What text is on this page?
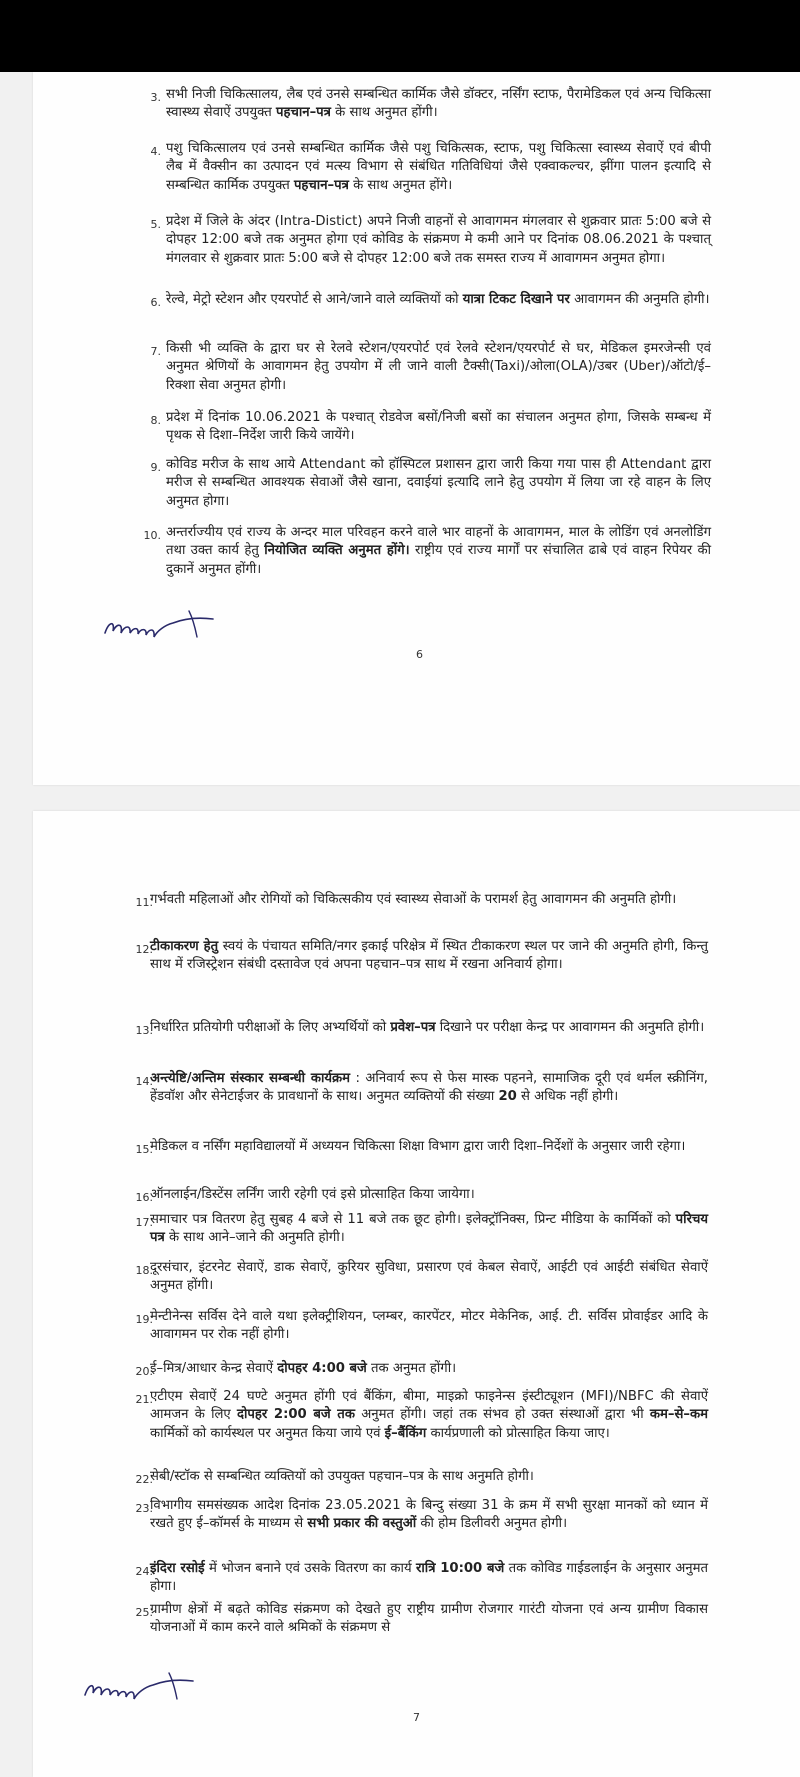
3. सभी निजी चिकित्सालय, लैब एवं उनसे सम्बन्धित कार्मिक जैसे डॉक्टर, नर्सिंग स्टाफ, पैरामेडिकल एवं अन्य चिकित्सा स्वास्थ्य सेवाऐं उपयुक्त पहचान–पत्र के साथ अनुमत होंगी।
4. पशु चिकित्सालय एवं उनसे सम्बन्धित कार्मिक जैसे पशु चिकित्सक, स्टाफ, पशु चिकित्सा स्वास्थ्य सेवाऐं एवं बीपी लैब में वैक्सीन का उत्पादन एवं मत्स्य विभाग से संबंधित गतिविधियां जैसे एक्वाकल्चर, झींगा पालन इत्यादि से सम्बन्धित कार्मिक उपयुक्त पहचान–पत्र के साथ अनुमत होंगे।
5. प्रदेश में जिले के अंदर (Intra-Distict) अपने निजी वाहनों से आवागमन मंगलवार से शुक्रवार प्रातः 5:00 बजे से दोपहर 12:00 बजे तक अनुमत होगा एवं कोविड के संक्रमण मे कमी आने पर दिनांक 08.06.2021 के पश्चात् मंगलवार से शुक्रवार प्रातः 5:00 बजे से दोपहर 12:00 बजे तक समस्त राज्य में आवागमन अनुमत होगा।
6. रेल्वे, मेट्रो स्टेशन और एयरपोर्ट से आने/जाने वाले व्यक्तियों को यात्रा टिकट दिखाने पर आवागमन की अनुमति होगी।
7. किसी भी व्यक्ति के द्वारा घर से रेलवे स्टेशन/एयरपोर्ट एवं रेलवे स्टेशन/एयरपोर्ट से घर, मेडिकल इमरजेन्सी एवं अनुमत श्रेणियों के आवागमन हेतु उपयोग में ली जाने वाली टैक्सी(Taxi)/ओला(OLA)/उबर (Uber)/ऑटो/ई–रिक्शा सेवा अनुमत होगी।
8. प्रदेश में दिनांक 10.06.2021 के पश्चात् रोडवेज बसों/निजी बसों का संचालन अनुमत होगा, जिसके सम्बन्ध में पृथक से दिशा–निर्देश जारी किये जायेंगे।
9. कोविड मरीज के साथ आये Attendant को हॉस्पिटल प्रशासन द्वारा जारी किया गया पास ही Attendant द्वारा मरीज से सम्बन्धित आवश्यक सेवाओं जैसे खाना, दवाईयां इत्यादि लाने हेतु उपयोग में लिया जा रहे वाहन के लिए अनुमत होगा।
10. अन्तर्राज्यीय एवं राज्य के अन्दर माल परिवहन करने वाले भार वाहनों के आवागमन, माल के लोडिंग एवं अनलोडिंग तथा उक्त कार्य हेतु नियोजित व्यक्ति अनुमत होंगे। राष्ट्रीय एवं राज्य मार्गों पर संचालित ढाबे एवं वाहन रिपेयर की दुकानें अनुमत होंगी।
6
11.
गर्भवती महिलाओं और रोगियों को चिकित्सकीय एवं स्वास्थ्य सेवाओं के परामर्श हेतु आवागमन की अनुमति होगी।
12.
टीकाकरण हेतु स्वयं के पंचायत समिति/नगर इकाई परिक्षेत्र में स्थित टीकाकरण स्थल पर जाने की अनुमति होगी, किन्तु साथ में रजिस्ट्रेशन संबंधी दस्तावेज एवं अपना पहचान–पत्र साथ में रखना अनिवार्य होगा।
13.
निर्धारित प्रतियोगी परीक्षाओं के लिए अभ्यर्थियों को प्रवेश–पत्र दिखाने पर परीक्षा केन्द्र पर आवागमन की अनुमति होगी।
14.
अन्त्येष्टि/अन्तिम संस्कार सम्बन्धी कार्यक्रम : अनिवार्य रूप से फेस मास्क पहनने, सामाजिक दूरी एवं थर्मल स्क्रीनिंग, हेंडवॉश और सेनेटाईजर के प्रावधानों के साथ। अनुमत व्यक्तियों की संख्या 20 से अधिक नहीं होगी।
15.
मेडिकल व नर्सिंग महाविद्यालयों में अध्ययन चिकित्सा शिक्षा विभाग द्वारा जारी दिशा–निर्देशों के अनुसार जारी रहेगा।
16.
ऑनलाईन/डिस्टेंस लर्निंग जारी रहेगी एवं इसे प्रोत्साहित किया जायेगा।
17.
समाचार पत्र वितरण हेतु सुबह 4 बजे से 11 बजे तक छूट होगी। इलेक्ट्रॉनिक्स, प्रिन्ट मीडिया के कार्मिकों को परिचय पत्र के साथ आने–जाने की अनुमति होगी।
18.
दूरसंचार, इंटरनेट सेवाऐं, डाक सेवाऐं, कुरियर सुविधा, प्रसारण एवं केबल सेवाऐं, आईटी एवं आईटी संबंधित सेवाऐं अनुमत होंगी।
19.
मेन्टीनेन्स सर्विस देने वाले यथा इलेक्ट्रीशियन, प्लम्बर, कारपेंटर, मोटर मेकेनिक, आई. टी. सर्विस प्रोवाईडर आदि के आवागमन पर रोक नहीं होगी।
20.
ई–मित्र/आधार केन्द्र सेवाऐं दोपहर 4:00 बजे तक अनुमत होंगी।
21.
एटीएम सेवाऐं 24 घण्टे अनुमत होंगी एवं बैंकिंग, बीमा, माइक्रो फाइनेन्स इंस्टीट्यूशन (MFI)/NBFC की सेवाऐं आमजन के लिए दोपहर 2:00 बजे तक अनुमत होंगी। जहां तक संभव हो उक्त संस्थाओं द्वारा भी कम–से–कम कार्मिकों को कार्यस्थल पर अनुमत किया जाये एवं ई–बैंकिंग कार्यप्रणाली को प्रोत्साहित किया जाए।
22.
सेबी/स्टॉक से सम्बन्धित व्यक्तियों को उपयुक्त पहचान–पत्र के साथ अनुमति होगी।
23.
विभागीय समसंख्यक आदेश दिनांक 23.05.2021 के बिन्दु संख्या 31 के क्रम में सभी सुरक्षा मानकों को ध्यान में रखते हुए ई–कॉमर्स के माध्यम से सभी प्रकार की वस्तुओं की होम डिलीवरी अनुमत होगी।
24.
इंदिरा रसोई में भोजन बनाने एवं उसके वितरण का कार्य रात्रि 10:00 बजे तक कोविड गाईडलाईन के अनुसार अनुमत होगा।
25.
ग्रामीण क्षेत्रों में बढ़ते कोविड संक्रमण को देखते हुए राष्ट्रीय ग्रामीण रोजगार गारंटी योजना एवं अन्य ग्रामीण विकास योजनाओं में काम करने वाले श्रमिकों के संक्रमण से
7
